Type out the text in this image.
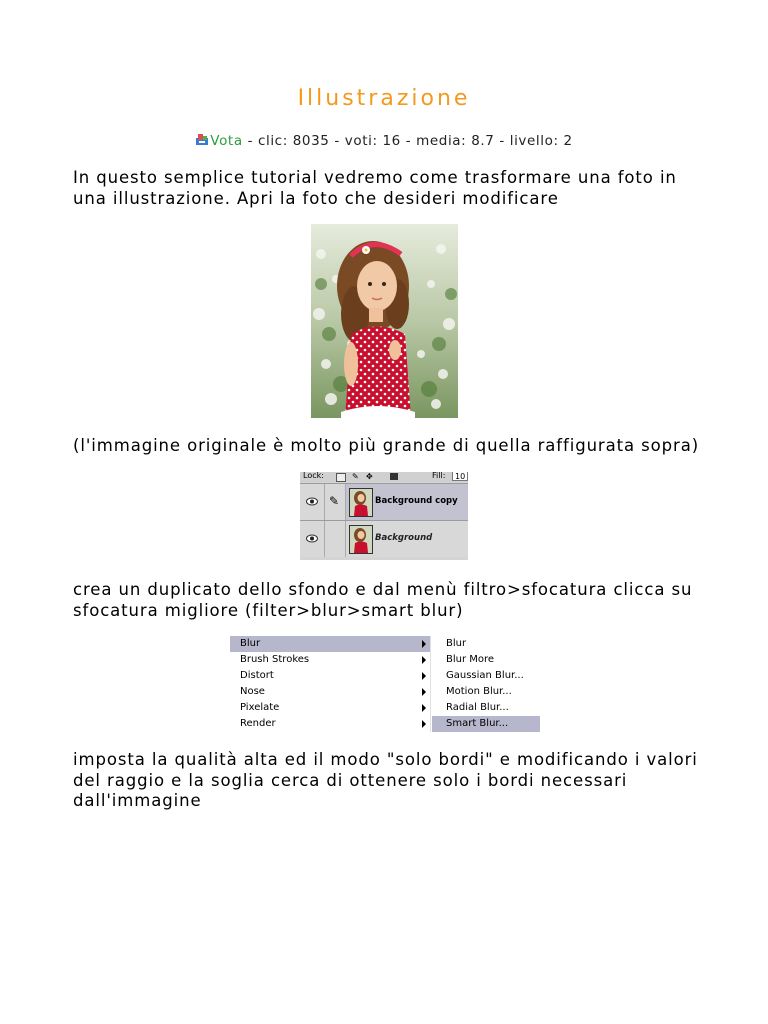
Illustrazione
Vota - clic: 8035 - voti: 16 - media: 8.7 - livello: 2

In questo semplice tutorial vedremo come trasformare una foto in una illustrazione. Apri la foto che desideri modificare

(l'immagine originale è molto più grande di quella raffigurata sopra)

Lock:	✎ ✥	Fill:	10
✎	Background copy
Background

crea un duplicato dello sfondo e dal menù filtro>sfocatura clicca su sfocatura migliore (filter>blur>smart blur)

Blur
Brush Strokes
Distort
Nose
Pixelate
Render
Blur
Blur More
Gaussian Blur...
Motion Blur...
Radial Blur...
Smart Blur...

imposta la qualità alta ed il modo "solo bordi" e modificando i valori del raggio e la soglia cerca di ottenere solo i bordi necessari dall'immagine
